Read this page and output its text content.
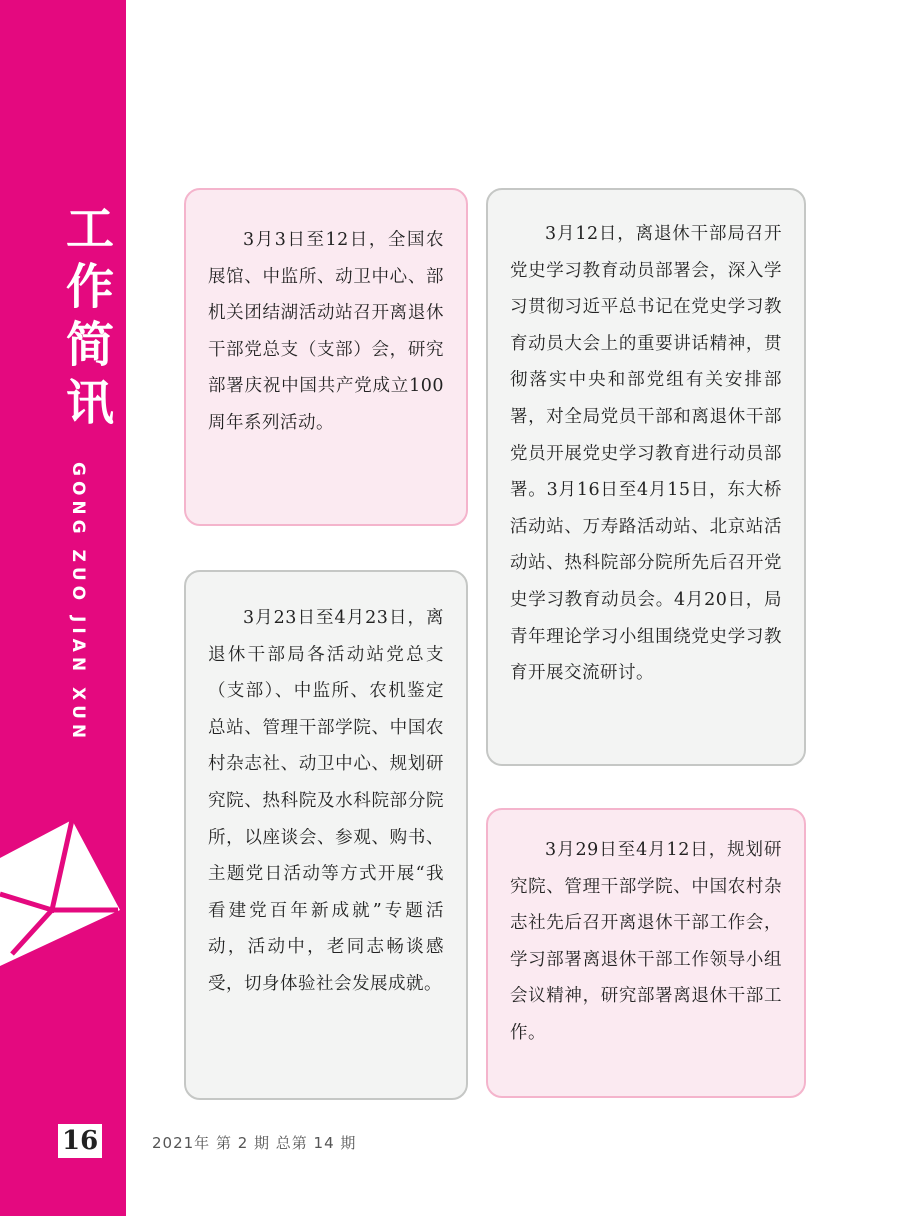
工
作
简
讯
GONG ZUO JIAN XUN

3月3日至12日，全国农展馆、中监所、动卫中心、部机关团结湖活动站召开离退休干部党总支（支部）会，研究部署庆祝中国共产党成立100周年系列活动。

3月12日，离退休干部局召开党史学习教育动员部署会，深入学习贯彻习近平总书记在党史学习教育动员大会上的重要讲话精神，贯彻落实中央和部党组有关安排部署，对全局党员干部和离退休干部党员开展党史学习教育进行动员部署。3月16日至4月15日，东大桥活动站、万寿路活动站、北京站活动站、热科院部分院所先后召开党史学习教育动员会。4月20日，局青年理论学习小组围绕党史学习教育开展交流研讨。

3月23日至4月23日，离退休干部局各活动站党总支（支部）、中监所、农机鉴定总站、管理干部学院、中国农村杂志社、动卫中心、规划研究院、热科院及水科院部分院所，以座谈会、参观、购书、主题党日活动等方式开展“我看建党百年新成就”专题活动，活动中，老同志畅谈感受，切身体验社会发展成就。

3月29日至4月12日，规划研究院、管理干部学院、中国农村杂志社先后召开离退休干部工作会，学习部署离退休干部工作领导小组会议精神，研究部署离退休干部工作。

16	2021年 第 2 期 总第 14 期
